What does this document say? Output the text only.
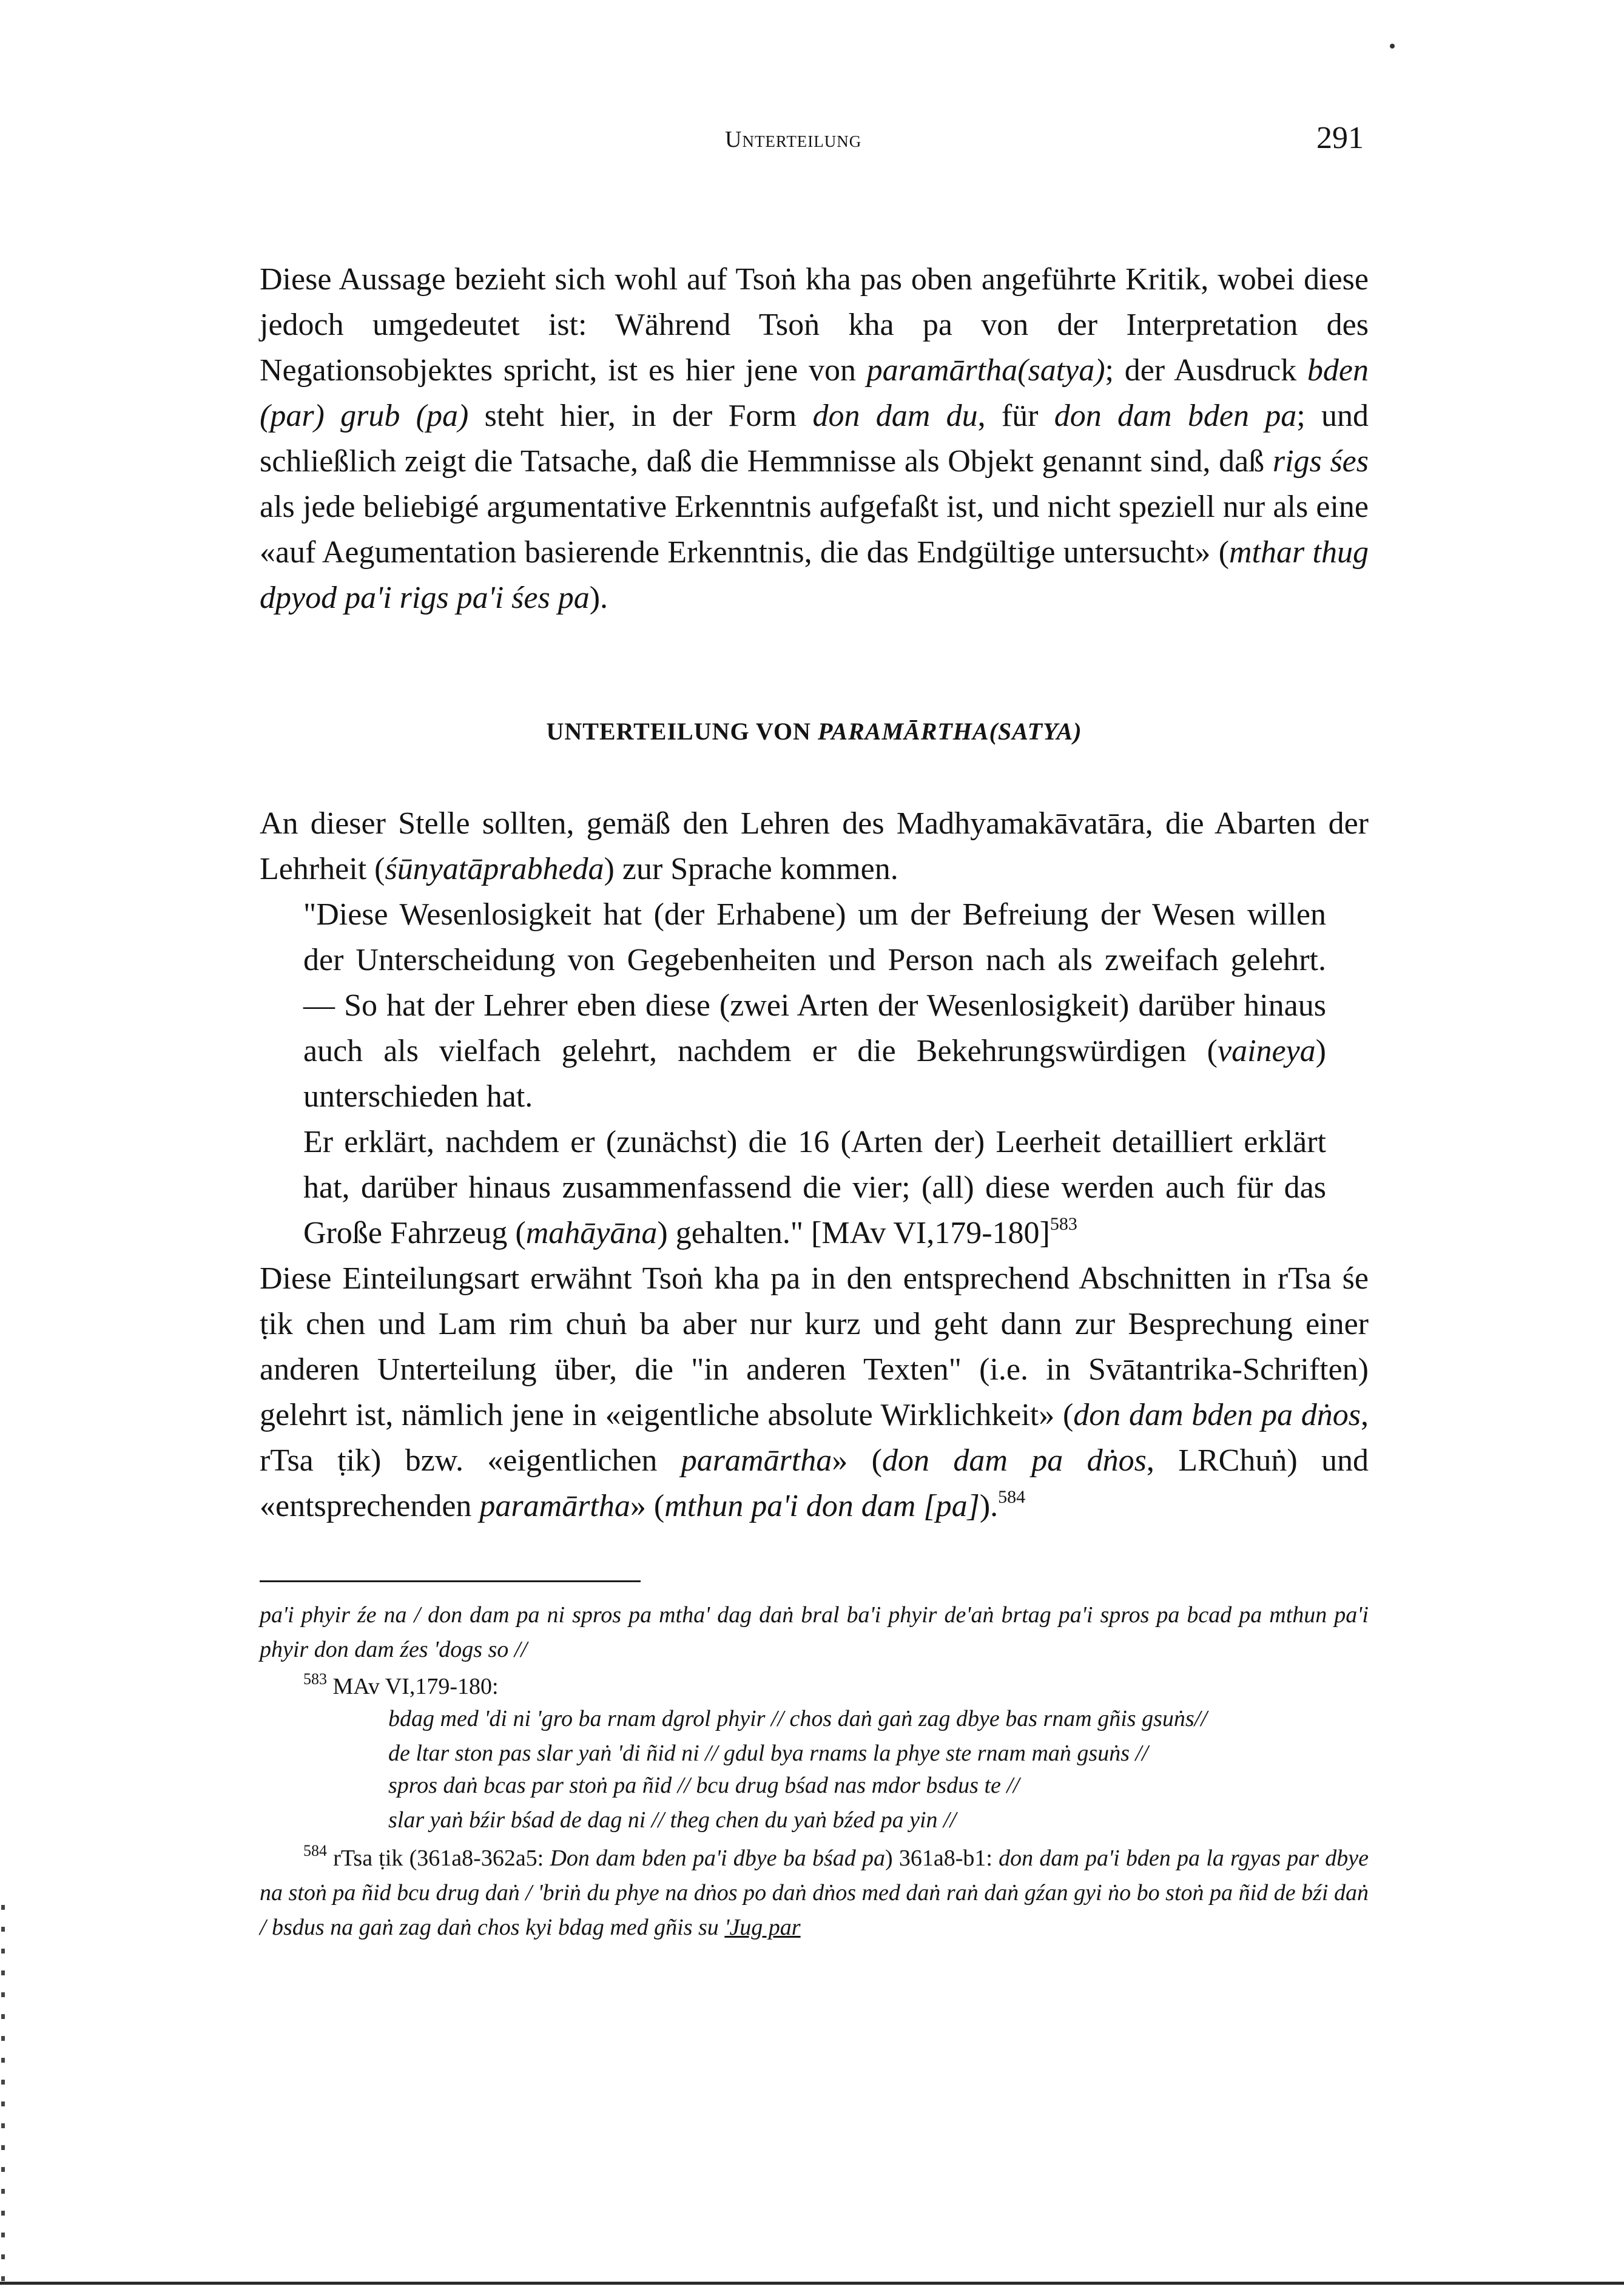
Unterteilung	291

Diese Aussage bezieht sich wohl auf Tsoṅ kha pas oben angeführte Kritik, wobei diese jedoch umgedeutet ist: Während Tsoṅ kha pa von der Interpretation des Negationsobjektes spricht, ist es hier jene von paramārtha(satya); der Ausdruck bden (par) grub (pa) steht hier, in der Form don dam du, für don dam bden pa; und schließlich zeigt die Tatsache, daß die Hemmnisse als Objekt genannt sind, daß rigs śes als jede beliebigé argumentative Erkenntnis aufgefaßt ist, und nicht speziell nur als eine «auf Aegumentation basierende Erkenntnis, die das Endgültige untersucht» (mthar thug dpyod pa'i rigs pa'i śes pa).

UNTERTEILUNG VON PARAMĀRTHA(SATYA)

An dieser Stelle sollten, gemäß den Lehren des Madhyamakāvatāra, die Abarten der Lehrheit (śūnyatāprabheda) zur Sprache kommen.

"Diese Wesenlosigkeit hat (der Erhabene) um der Befreiung der Wesen willen der Unterscheidung von Gegebenheiten und Person nach als zweifach gelehrt. — So hat der Lehrer eben diese (zwei Arten der Wesenlosigkeit) darüber hinaus auch als vielfach gelehrt, nachdem er die Bekehrungswürdigen (vaineya) unterschieden hat.

Er erklärt, nachdem er (zunächst) die 16 (Arten der) Leerheit detailliert erklärt hat, darüber hinaus zusammenfassend die vier; (all) diese werden auch für das Große Fahrzeug (mahāyāna) gehalten." [MAv VI,179-180]$^{583}$

Diese Einteilungsart erwähnt Tsoṅ kha pa in den entsprechend Abschnitten in rTsa śe ṭik chen und Lam rim chuṅ ba aber nur kurz und geht dann zur Besprechung einer anderen Unterteilung über, die "in anderen Texten" (i.e. in Svātantrika-Schriften) gelehrt ist, nämlich jene in «eigentliche absolute Wirklichkeit» (don dam bden pa dṅos, rTsa ṭik) bzw. «eigentlichen paramārtha» (don dam pa dṅos, LRChuṅ) und «entsprechenden paramārtha» (mthun pa'i don dam [pa]).$^{584}$

pa'i phyir źe na / don dam pa ni spros pa mtha' dag daṅ bral ba'i phyir de'aṅ brtag pa'i spros pa bcad pa mthun pa'i phyir don dam źes 'dogs so //
$^{583}$ MAv VI,179-180:
bdag med 'di ni 'gro ba rnam dgrol phyir // chos daṅ gaṅ zag dbye bas rnam gñis gsuṅs//
de ltar ston pas slar yaṅ 'di ñid ni // gdul bya rnams la phye ste rnam maṅ gsuṅs //
spros daṅ bcas par stoṅ pa ñid // bcu drug bśad nas mdor bsdus te //
slar yaṅ bźir bśad de dag ni // theg chen du yaṅ bźed pa yin //
$^{584}$ rTsa ṭik (361a8-362a5: Don dam bden pa'i dbye ba bśad pa) 361a8-b1: don dam pa'i bden pa la rgyas par dbye na stoṅ pa ñid bcu drug daṅ / 'briṅ du phye na dṅos po daṅ dṅos med daṅ raṅ daṅ gźan gyi ṅo bo stoṅ pa ñid de bźi daṅ / bsdus na gaṅ zag daṅ chos kyi bdag med gñis su 'Jug par
